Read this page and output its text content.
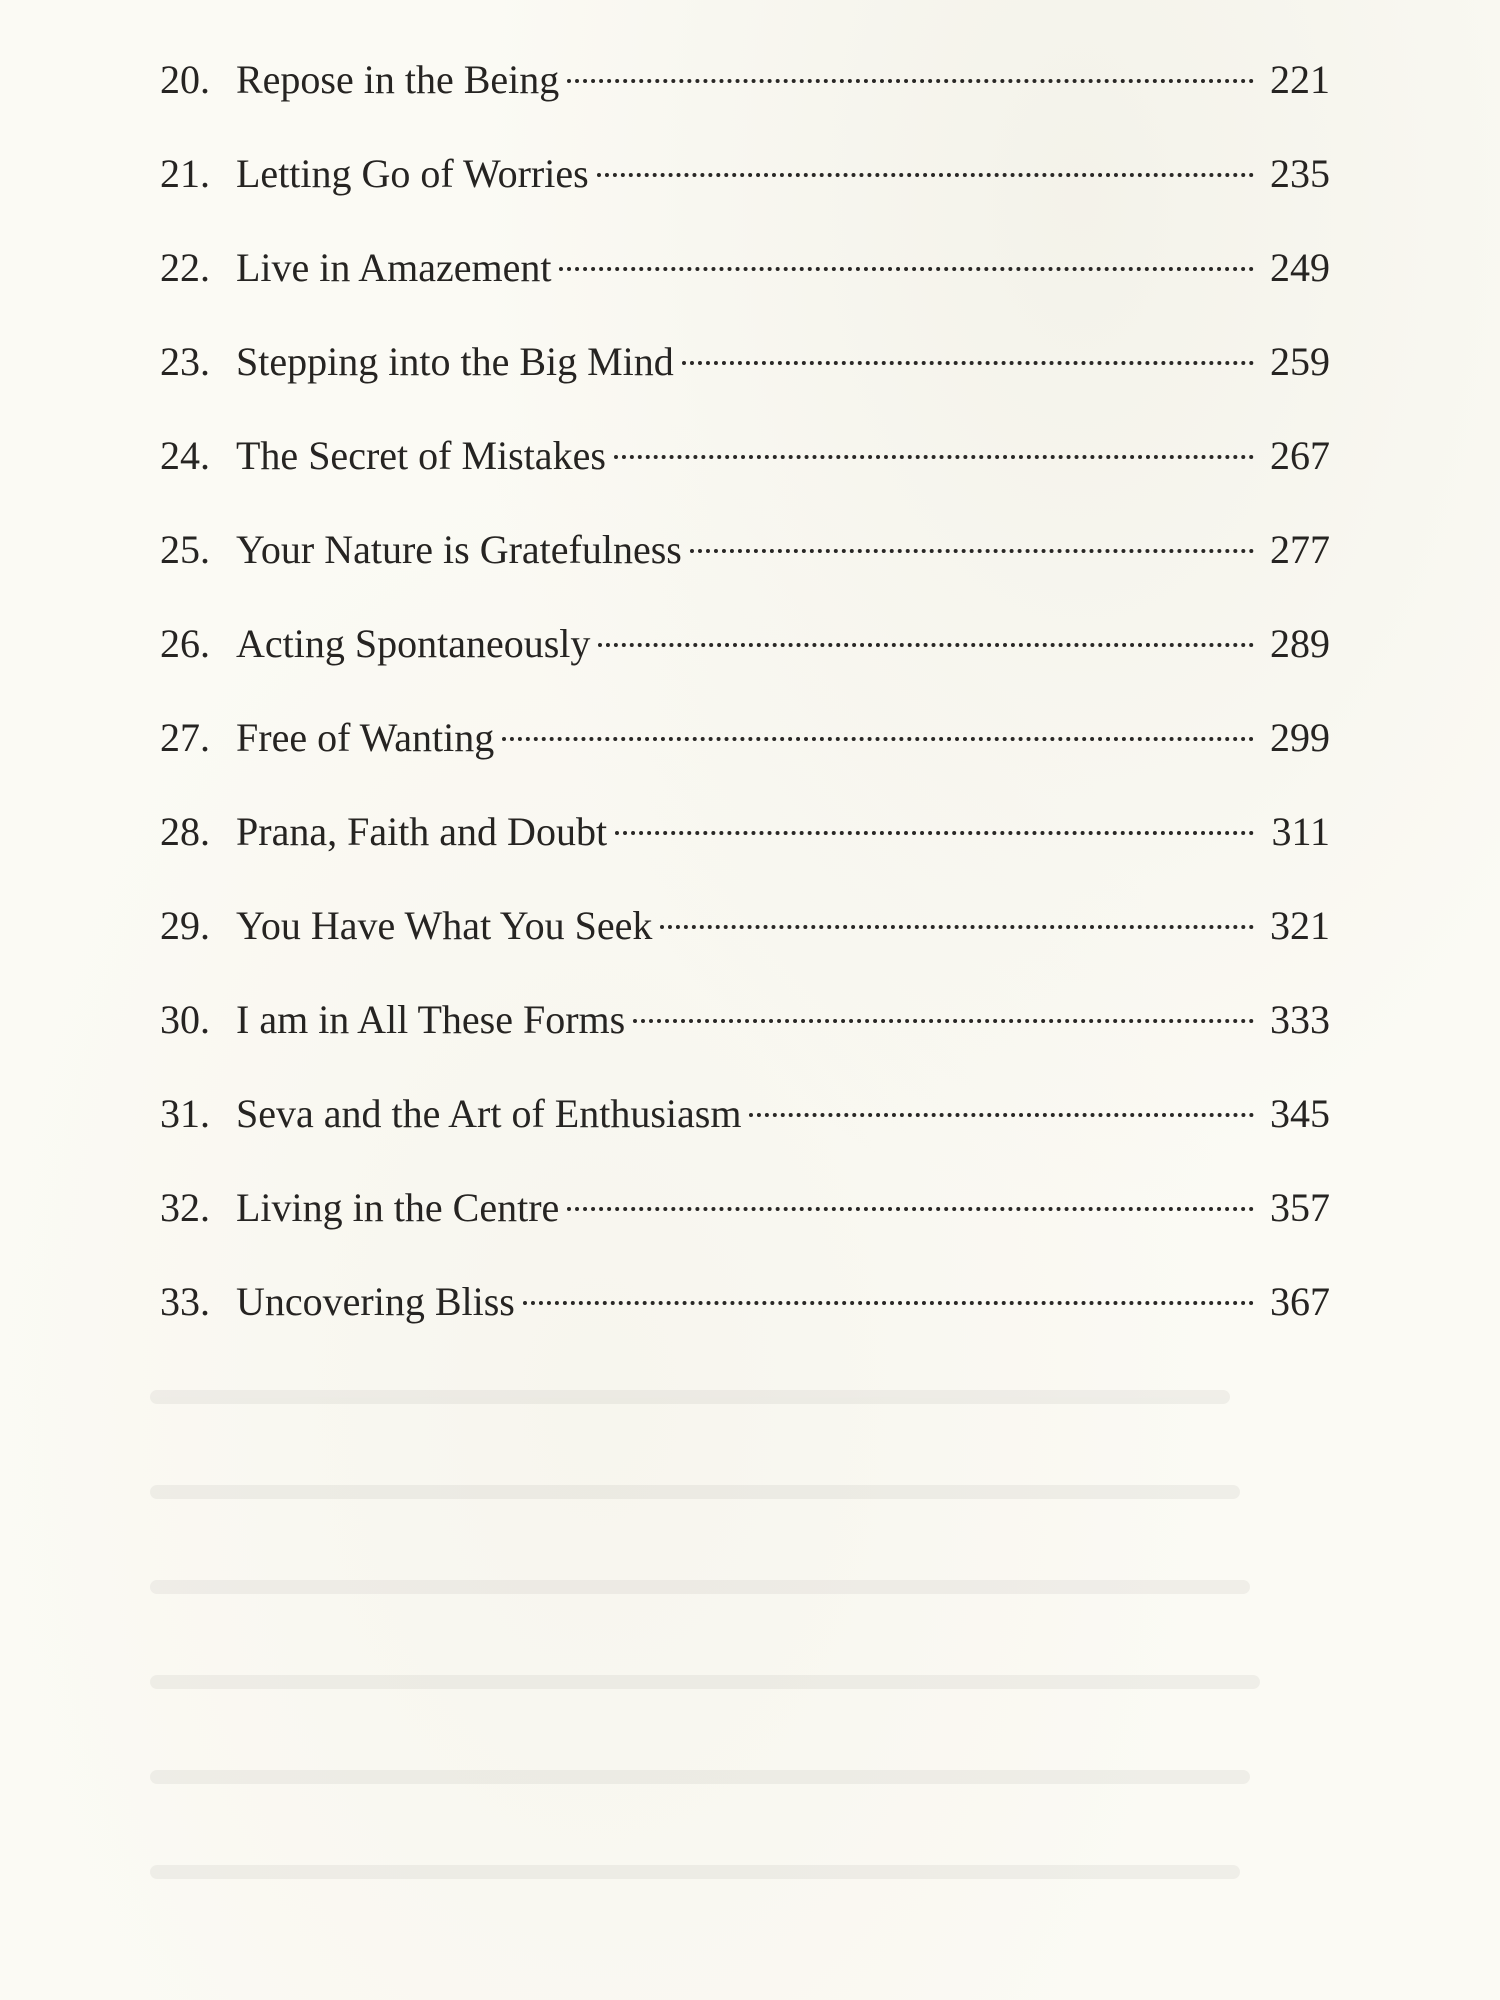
20. Repose in the Being	221
21. Letting Go of Worries	235
22. Live in Amazement	249
23. Stepping into the Big Mind	259
24. The Secret of Mistakes	267
25. Your Nature is Gratefulness	277
26. Acting Spontaneously	289
27. Free of Wanting	299
28. Prana, Faith and Doubt	311
29. You Have What You Seek	321
30. I am in All These Forms	333
31. Seva and the Art of Enthusiasm	345
32. Living in the Centre	357
33. Uncovering Bliss	367
